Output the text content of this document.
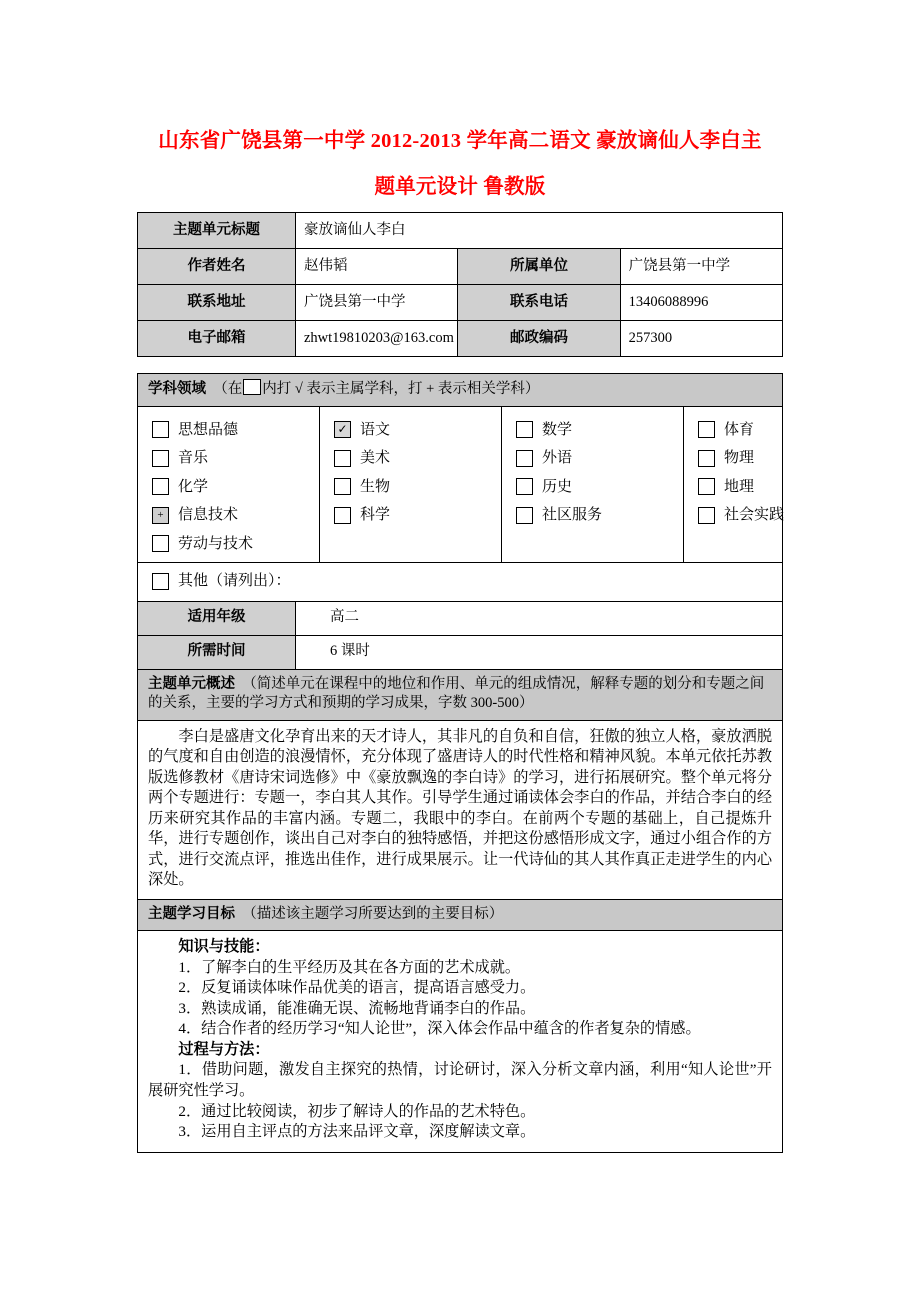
山东省广饶县第一中学 2012-2013 学年高二语文 豪放谪仙人李白主
题单元设计 鲁教版
主题单元标题	豪放谪仙人李白		
作者姓名	赵伟韬	所属单位	广饶县第一中学
联系地址	广饶县第一中学	联系电话	13406088996
电子邮箱	zhwt19810203@163.com	邮政编码	257300
学科领域 （在 内打 √ 表示主属学科，打 + 表示相关学科）

思想品德
音乐
化学
+ 信息技术
劳动与技术
✓ 语文
美术
生物
科学
数学
外语
历史
社区服务
体育
物理
地理
社会实践
其他（请列出）：

适用年级	高二
所需时间	6 课时

主题单元概述 （简述单元在课程中的地位和作用、单元的组成情况，解释专题的划分和专题之间的关系，主要的学习方式和预期的学习成果，字数 300-500）

李白是盛唐文化孕育出来的天才诗人，其非凡的自负和自信，狂傲的独立人格，豪放洒脱的气度和自由创造的浪漫情怀，充分体现了盛唐诗人的时代性格和精神风貌。本单元依托苏教版选修教材《唐诗宋词选修》中《豪放飘逸的李白诗》的学习，进行拓展研究。整个单元将分两个专题进行：专题一，李白其人其作。引导学生通过诵读体会李白的作品，并结合李白的经历来研究其作品的丰富内涵。专题二，我眼中的李白。在前两个专题的基础上，自己提炼升华，进行专题创作，谈出自己对李白的独特感悟，并把这份感悟形成文字，通过小组合作的方式，进行交流点评，推选出佳作，进行成果展示。让一代诗仙的其人其作真正走进学生的内心深处。

主题学习目标 （描述该主题学习所要达到的主要目标）

知识与技能：

1．了解李白的生平经历及其在各方面的艺术成就。

2．反复诵读体味作品优美的语言，提高语言感受力。

3．熟读成诵，能准确无误、流畅地背诵李白的作品。

4．结合作者的经历学习“知人论世”，深入体会作品中蕴含的作者复杂的情感。

过程与方法：

1．借助问题，激发自主探究的热情，讨论研讨，深入分析文章内涵，利用“知人论世”开展研究性学习。

2．通过比较阅读，初步了解诗人的作品的艺术特色。

3．运用自主评点的方法来品评文章，深度解读文章。
